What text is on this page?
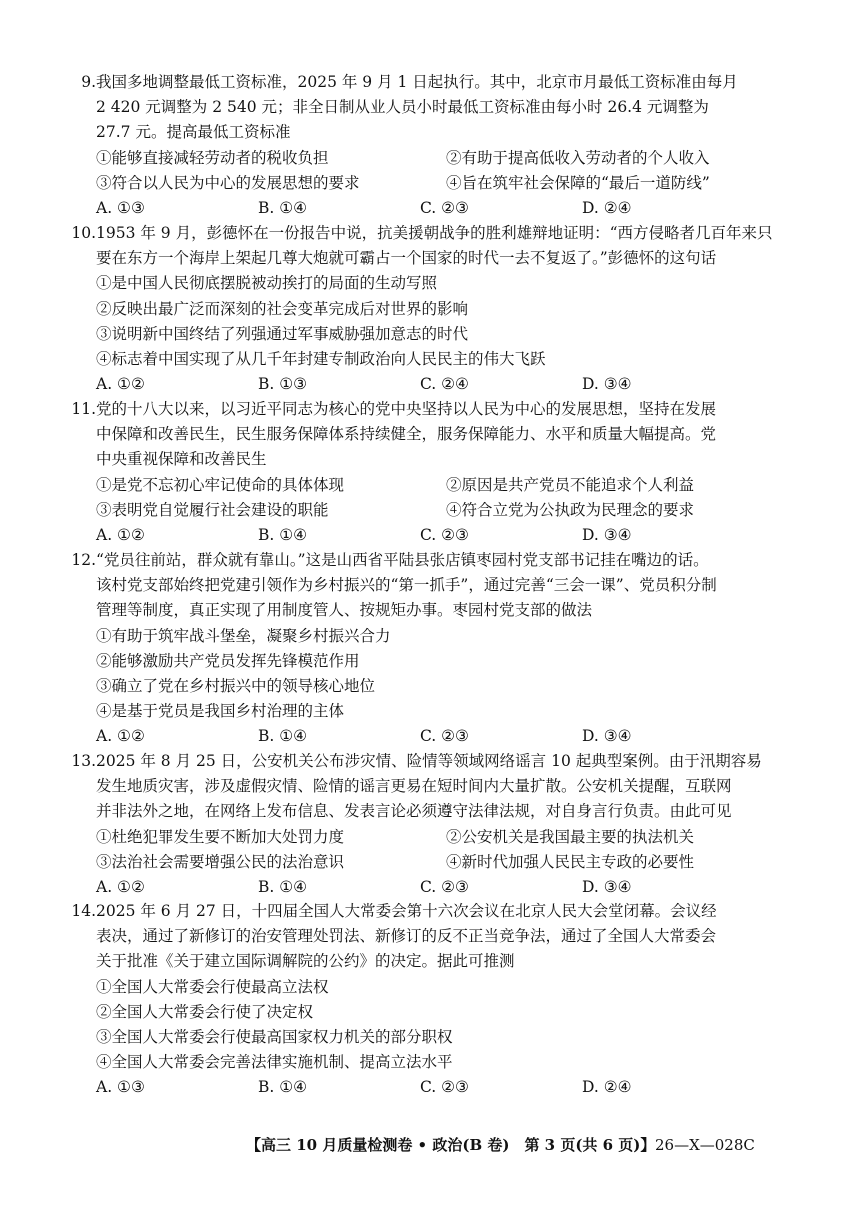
9.我国多地调整最低工资标准，2025 年 9 月 1 日起执行。其中，北京市月最低工资标准由每月
2 420 元调整为 2 540 元；非全日制从业人员小时最低工资标准由每小时 26.4 元调整为
27.7 元。提高最低工资标准
①能够直接减轻劳动者的税收负担	②有助于提高低收入劳动者的个人收入
③符合以人民为中心的发展思想的要求	④旨在筑牢社会保障的“最后一道防线”
A. ①③	B. ①④	C. ②③	D. ②④
10.1953 年 9 月，彭德怀在一份报告中说，抗美援朝战争的胜利雄辩地证明：“西方侵略者几百年来只
要在东方一个海岸上架起几尊大炮就可霸占一个国家的时代一去不复返了。”彭德怀的这句话
①是中国人民彻底摆脱被动挨打的局面的生动写照
②反映出最广泛而深刻的社会变革完成后对世界的影响
③说明新中国终结了列强通过军事威胁强加意志的时代
④标志着中国实现了从几千年封建专制政治向人民民主的伟大飞跃
A. ①②	B. ①③	C. ②④	D. ③④
11.党的十八大以来，以习近平同志为核心的党中央坚持以人民为中心的发展思想，坚持在发展
中保障和改善民生，民生服务保障体系持续健全，服务保障能力、水平和质量大幅提高。党
中央重视保障和改善民生
①是党不忘初心牢记使命的具体体现	②原因是共产党员不能追求个人利益
③表明党自觉履行社会建设的职能	④符合立党为公执政为民理念的要求
A. ①②	B. ①④	C. ②③	D. ③④
12.“党员往前站，群众就有靠山。”这是山西省平陆县张店镇枣园村党支部书记挂在嘴边的话。
该村党支部始终把党建引领作为乡村振兴的“第一抓手”，通过完善“三会一课”、党员积分制
管理等制度，真正实现了用制度管人、按规矩办事。枣园村党支部的做法
①有助于筑牢战斗堡垒，凝聚乡村振兴合力
②能够激励共产党员发挥先锋模范作用
③确立了党在乡村振兴中的领导核心地位
④是基于党员是我国乡村治理的主体
A. ①②	B. ①④	C. ②③	D. ③④
13.2025 年 8 月 25 日，公安机关公布涉灾情、险情等领域网络谣言 10 起典型案例。由于汛期容易
发生地质灾害，涉及虚假灾情、险情的谣言更易在短时间内大量扩散。公安机关提醒，互联网
并非法外之地，在网络上发布信息、发表言论必须遵守法律法规，对自身言行负责。由此可见
①杜绝犯罪发生要不断加大处罚力度	②公安机关是我国最主要的执法机关
③法治社会需要增强公民的法治意识	④新时代加强人民民主专政的必要性
A. ①②	B. ①④	C. ②③	D. ③④
14.2025 年 6 月 27 日，十四届全国人大常委会第十六次会议在北京人民大会堂闭幕。会议经
表决，通过了新修订的治安管理处罚法、新修订的反不正当竞争法，通过了全国人大常委会
关于批准《关于建立国际调解院的公约》的决定。据此可推测
①全国人大常委会行使最高立法权
②全国人大常委会行使了决定权
③全国人大常委会行使最高国家权力机关的部分职权
④全国人大常委会完善法律实施机制、提高立法水平
A. ①③	B. ①④	C. ②③	D. ②④
【高三 10 月质量检测卷 • 政治(B 卷)　第 3 页(共 6 页)】 26—X—028C
